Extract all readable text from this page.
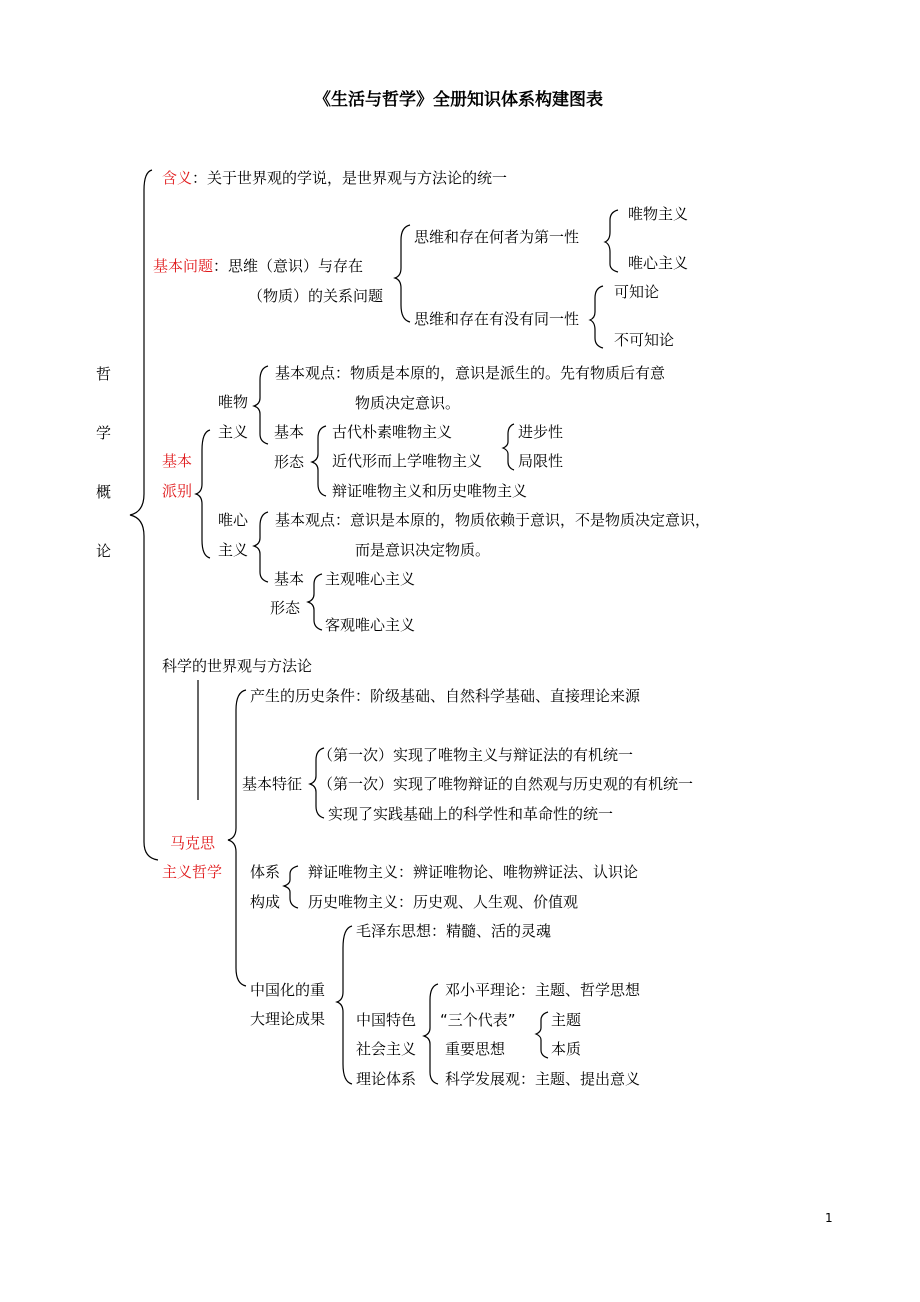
《生活与哲学》全册知识体系构建图表
哲
学
概
论
含义：关于世界观的学说，是世界观与方法论的统一
基本问题：思维（意识）与存在
（物质）的关系问题
思维和存在何者为第一性
唯物主义
唯心主义
思维和存在有没有同一性
可知论
不可知论
基本
派别
唯物
主义
基本观点：物质是本原的，意识是派生的。先有物质后有意
物质决定意识。
基本
形态
古代朴素唯物主义
近代形而上学唯物主义
辩证唯物主义和历史唯物主义
进步性
局限性
唯心
主义
基本观点：意识是本原的，物质依赖于意识，不是物质决定意识，
而是意识决定物质。
基本
形态
主观唯心主义
客观唯心主义
科学的世界观与方法论
马克思
主义哲学
产生的历史条件：阶级基础、自然科学基础、直接理论来源
基本特征
（第一次）实现了唯物主义与辩证法的有机统一
（第一次）实现了唯物辩证的自然观与历史观的有机统一
实现了实践基础上的科学性和革命性的统一
体系
构成
辩证唯物主义：辨证唯物论、唯物辨证法、认识论
历史唯物主义：历史观、人生观、价值观
中国化的重
大理论成果
毛泽东思想：精髓、活的灵魂
中国特色
社会主义
理论体系
邓小平理论：主题、哲学思想
“三个代表”
重要思想
主题
本质
科学发展观：主题、提出意义
1
